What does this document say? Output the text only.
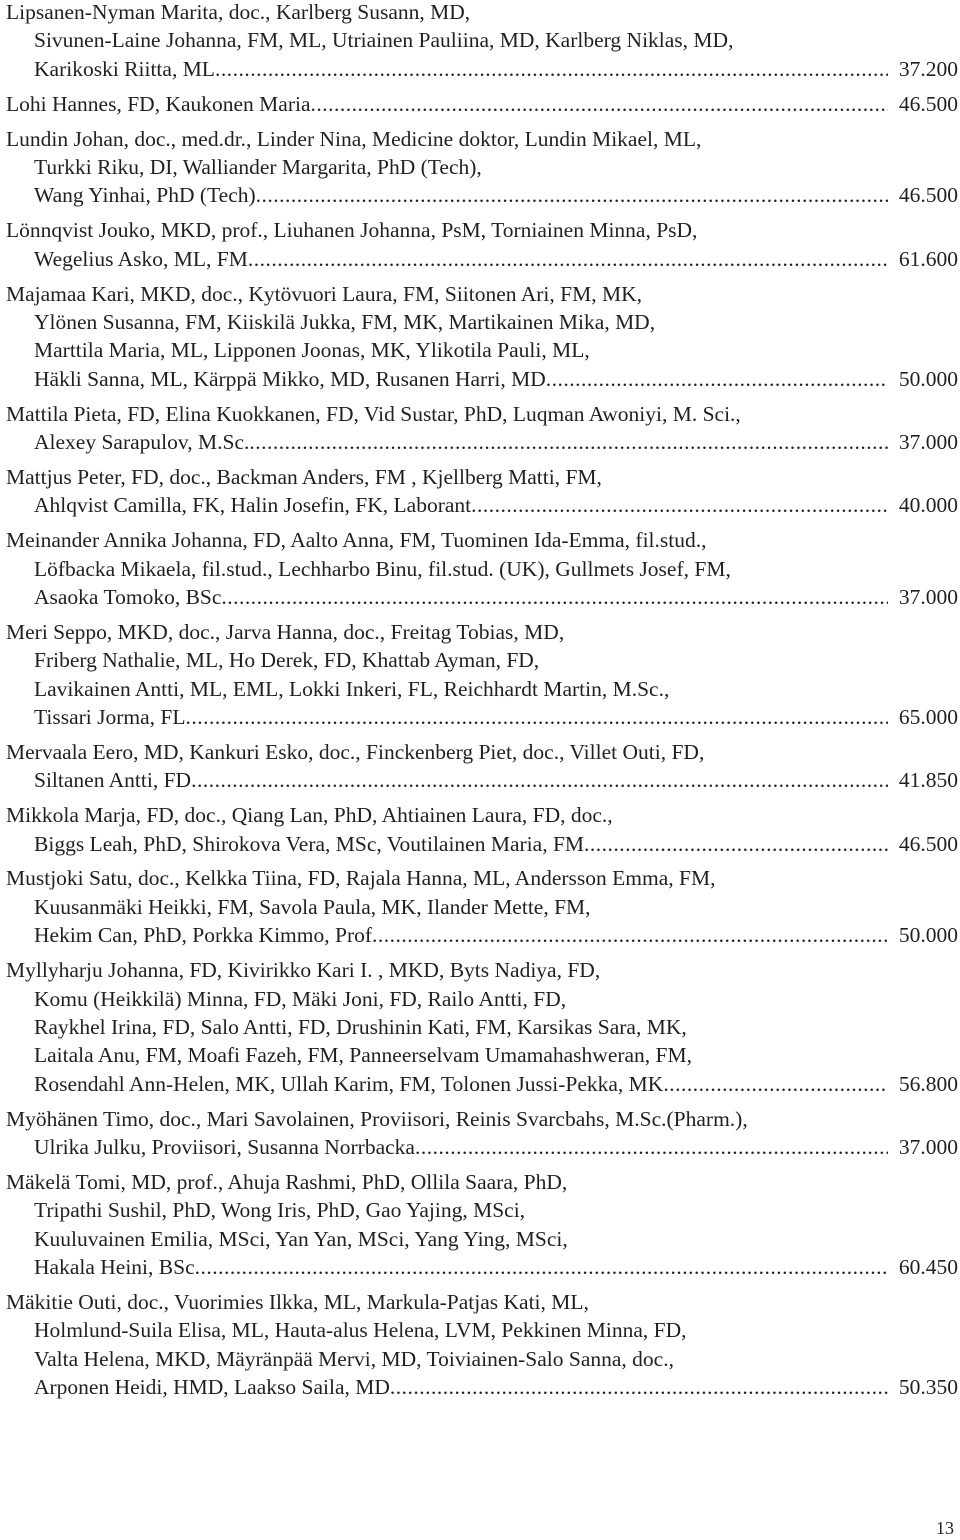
Lipsanen-Nyman Marita, doc., Karlberg Susann, MD,
Sivunen-Laine Johanna, FM, ML, Utriainen Pauliina, MD, Karlberg Niklas, MD,
Karikoski Riitta, ML .....	37.200
Lohi Hannes, FD, Kaukonen Maria .....	46.500
Lundin Johan, doc., med.dr., Linder Nina, Medicine doktor, Lundin Mikael, ML,
Turkki Riku, DI, Walliander Margarita, PhD (Tech),
Wang Yinhai, PhD (Tech) .....	46.500
Lönnqvist Jouko, MKD, prof., Liuhanen Johanna, PsM, Torniainen Minna, PsD,
Wegelius Asko, ML, FM .....	61.600
Majamaa Kari, MKD, doc., Kytövuori Laura, FM, Siitonen Ari, FM, MK,
Ylönen Susanna, FM, Kiiskilä Jukka, FM, MK, Martikainen Mika, MD,
Marttila Maria, ML, Lipponen Joonas, MK, Ylikotila Pauli, ML,
Häkli Sanna, ML, Kärppä Mikko, MD, Rusanen Harri, MD .....	50.000
Mattila Pieta, FD, Elina Kuokkanen, FD, Vid Sustar, PhD, Luqman Awoniyi, M. Sci.,
Alexey Sarapulov, M.Sc. .....	37.000
Mattjus Peter, FD, doc., Backman Anders, FM , Kjellberg Matti, FM,
Ahlqvist Camilla, FK, Halin Josefin, FK, Laborant .....	40.000
Meinander Annika Johanna, FD, Aalto Anna, FM, Tuominen Ida-Emma, fil.stud.,
Löfbacka Mikaela, fil.stud., Lechharbo Binu, fil.stud. (UK), Gullmets Josef, FM,
Asaoka Tomoko, BSc .....	37.000
Meri Seppo, MKD, doc., Jarva Hanna, doc., Freitag Tobias, MD,
Friberg Nathalie, ML, Ho Derek, FD, Khattab Ayman, FD,
Lavikainen Antti, ML, EML, Lokki Inkeri, FL, Reichhardt Martin, M.Sc.,
Tissari Jorma, FL .....	65.000
Mervaala Eero, MD, Kankuri Esko, doc., Finckenberg Piet, doc., Villet Outi, FD,
Siltanen Antti, FD .....	41.850
Mikkola Marja, FD, doc., Qiang Lan, PhD, Ahtiainen Laura, FD, doc.,
Biggs Leah, PhD, Shirokova Vera, MSc, Voutilainen Maria, FM .....	46.500
Mustjoki Satu, doc., Kelkka Tiina, FD, Rajala Hanna, ML, Andersson Emma, FM,
Kuusanmäki Heikki, FM, Savola Paula, MK, Ilander Mette, FM,
Hekim Can, PhD, Porkka Kimmo, Prof .....	50.000
Myllyharju Johanna, FD, Kivirikko Kari I. , MKD, Byts Nadiya, FD,
Komu (Heikkilä) Minna, FD, Mäki Joni, FD, Railo Antti, FD,
Raykhel Irina, FD, Salo Antti, FD, Drushinin Kati, FM, Karsikas Sara, MK,
Laitala Anu, FM, Moafi Fazeh, FM, Panneerselvam Umamahashweran, FM,
Rosendahl Ann-Helen, MK, Ullah Karim, FM, Tolonen Jussi-Pekka, MK .....	56.800
Myöhänen Timo, doc., Mari Savolainen, Proviisori, Reinis Svarcbahs, M.Sc.(Pharm.),
Ulrika Julku, Proviisori, Susanna Norrbacka .....	37.000
Mäkelä Tomi, MD, prof., Ahuja Rashmi, PhD, Ollila Saara, PhD,
Tripathi Sushil, PhD, Wong Iris, PhD, Gao Yajing, MSci,
Kuuluvainen Emilia, MSci, Yan Yan, MSci, Yang Ying, MSci,
Hakala Heini, BSc .....	60.450
Mäkitie Outi, doc., Vuorimies Ilkka, ML, Markula-Patjas Kati, ML,
Holmlund-Suila Elisa, ML, Hauta-alus Helena, LVM, Pekkinen Minna, FD,
Valta Helena, MKD, Mäyränpää Mervi, MD, Toiviainen-Salo Sanna, doc.,
Arponen Heidi, HMD, Laakso Saila, MD .....	50.350
13
